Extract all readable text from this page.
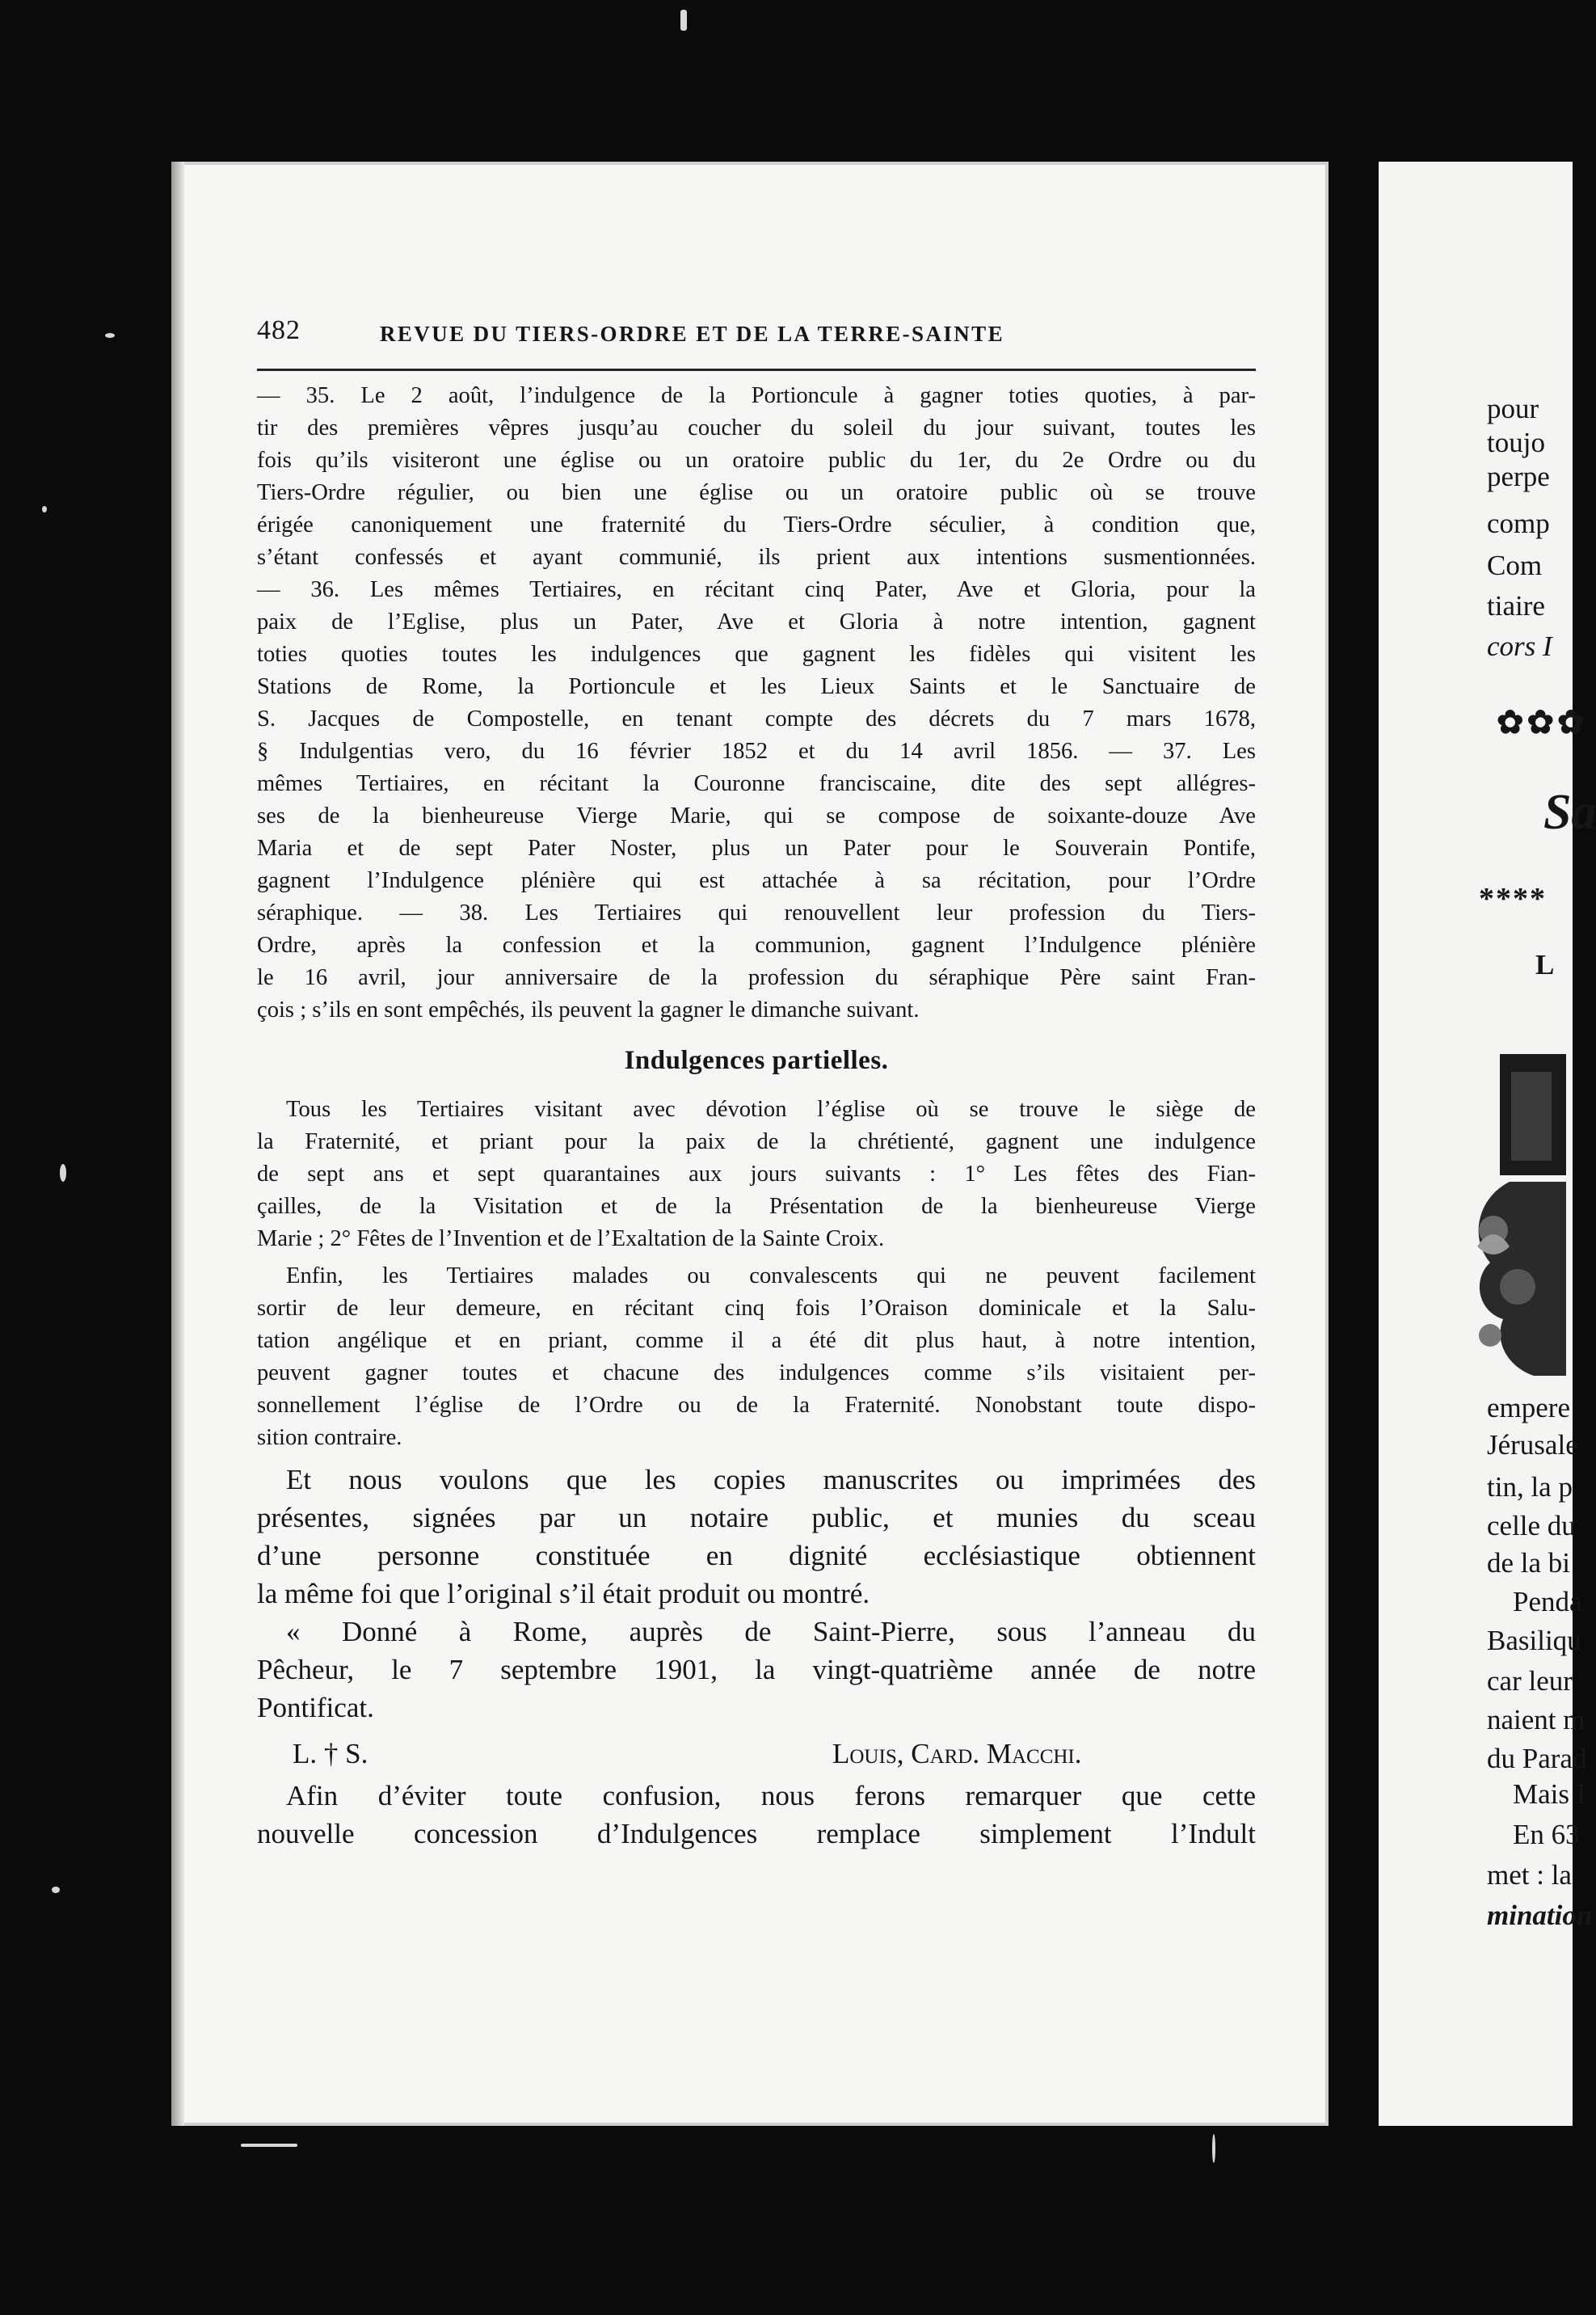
482	REVUE DU TIERS-ORDRE ET DE LA TERRE-SAINTE

— 35. Le 2 août, l’indulgence de la Portioncule à gagner toties quoties, à par-
tir des premières vêpres jusqu’au coucher du soleil du jour suivant, toutes les
fois qu’ils visiteront une église ou un oratoire public du 1er, du 2e Ordre ou du
Tiers-Ordre régulier, ou bien une église ou un oratoire public où se trouve
érigée canoniquement une fraternité du Tiers-Ordre séculier, à condition que,
s’étant confessés et ayant communié, ils prient aux intentions susmentionnées.
— 36. Les mêmes Tertiaires, en récitant cinq Pater, Ave et Gloria, pour la
paix de l’Eglise, plus un Pater, Ave et Gloria à notre intention, gagnent
toties quoties toutes les indulgences que gagnent les fidèles qui visitent les
Stations de Rome, la Portioncule et les Lieux Saints et le Sanctuaire de
S. Jacques de Compostelle, en tenant compte des décrets du 7 mars 1678,
§ Indulgentias vero, du 16 février 1852 et du 14 avril 1856. — 37. Les
mêmes Tertiaires, en récitant la Couronne franciscaine, dite des sept allégres-
ses de la bienheureuse Vierge Marie, qui se compose de soixante-douze Ave
Maria et de sept Pater Noster, plus un Pater pour le Souverain Pontife,
gagnent l’Indulgence plénière qui est attachée à sa récitation, pour l’Ordre
séraphique. — 38. Les Tertiaires qui renouvellent leur profession du Tiers-
Ordre, après la confession et la communion, gagnent l’Indulgence plénière
le 16 avril, jour anniversaire de la profession du séraphique Père saint Fran-
çois ; s’ils en sont empêchés, ils peuvent la gagner le dimanche suivant.

Indulgences partielles.

Tous les Tertiaires visitant avec dévotion l’église où se trouve le siège de
la Fraternité, et priant pour la paix de la chrétienté, gagnent une indulgence
de sept ans et sept quarantaines aux jours suivants : 1° Les fêtes des Fian-
çailles, de la Visitation et de la Présentation de la bienheureuse Vierge
Marie ; 2° Fêtes de l’Invention et de l’Exaltation de la Sainte Croix.

Enfin, les Tertiaires malades ou convalescents qui ne peuvent facilement
sortir de leur demeure, en récitant cinq fois l’Oraison dominicale et la Salu-
tation angélique et en priant, comme il a été dit plus haut, à notre intention,
peuvent gagner toutes et chacune des indulgences comme s’ils visitaient per-
sonnellement l’église de l’Ordre ou de la Fraternité. Nonobstant toute dispo-
sition contraire.

Et nous voulons que les copies manuscrites ou imprimées des
présentes, signées par un notaire public, et munies du sceau
d’une personne constituée en dignité ecclésiastique obtiennent
la même foi que l’original s’il était produit ou montré.

« Donné à Rome, auprès de Saint-Pierre, sous l’anneau du
Pêcheur, le 7 septembre 1901, la vingt-quatrième année de notre
Pontificat.

L. † S.	Louis, Card. Macchi.

Afin d’éviter toute confusion, nous ferons remarquer que cette
nouvelle concession d’Indulgences remplace simplement l’Indult

pour
toujo
perpe
comp
Com
tiaire
cors I
✿✿✿
Sa
****
L
empere
Jérusale
tin, la p
celle du
de la bi
Penda
Basiliqu
car leur
naient m
du Parad
Mais I
En 63
met : la
mination
